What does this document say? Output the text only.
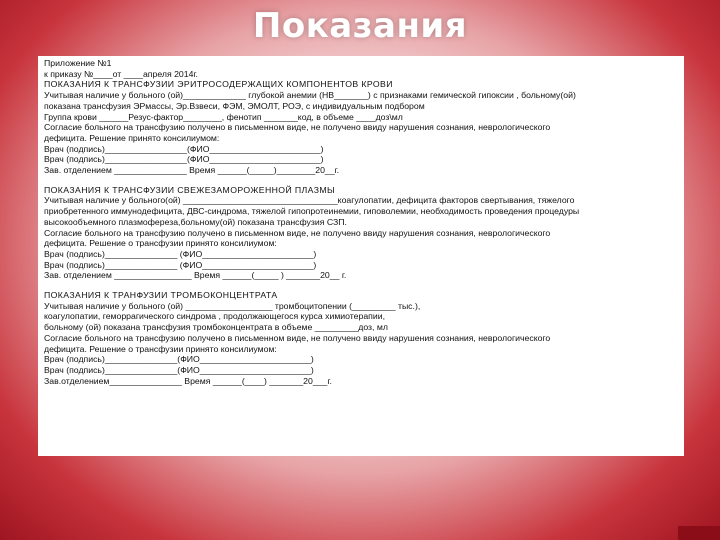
Показания

Приложение №1

к приказу №____от ____апреля 2014г.

ПОКАЗАНИЯ К ТРАНСФУЗИИ ЭРИТРОСОДЕРЖАЩИХ КОМПОНЕНТОВ КРОВИ

Учитывая наличие у больного (ой)_____________ глубокой анемии (НВ_______) с признаками гемической гипоксии , больному(ой)

показана трансфузия ЭРмассы, Эр.Взвеси, ФЭМ, ЭМОЛТ, РОЭ, с индивидуальным подбором

Группа крови ______Резус-фактор________, фенотип _______код, в объеме ____доз\мл

Согласие больного на трансфузию получено в письменном виде, не получено ввиду нарушения сознания, неврологического

дефицита. Решение принято консилиумом:

Врач (подпись)_________________(ФИО_______________________)

Врач (подпись)_________________(ФИО_______________________)

Зав. отделением _______________ Время ______(_____)________20__г.

ПОКАЗАНИЯ К ТРАНСФУЗИИ СВЕЖЕЗАМОРОЖЕННОЙ ПЛАЗМЫ

Учитывая наличие у больного(ой) ________________________________коагулопатии, дефицита факторов свертывания, тяжелого

приобретенного иммунодефицита, ДВС-синдрома, тяжелой гипопротеинемии, гиповолемии, необходимость проведения процедуры

высокообъемного плазмофереза,больному(ой) показана трансфузия СЗП.

Согласие больного на трансфузию получено в письменном виде, не получено ввиду нарушения сознания, неврологического

дефицита. Решение о трансфузии принято консилиумом:

Врач (подпись)_______________ (ФИО_______________________)

Врач (подпись)_______________ (ФИО_______________________)

Зав. отделением ________________ Время ______(_____ ) _______20__ г.

ПОКАЗАНИЯ К ТРАНФУЗИИ ТРОМБОКОНЦЕНТРАТА

Учитывая наличие у больного (ой) __________________ тромбоцитопении (_________ тыс.),

коагулопатии, геморрагического синдрома , продолжающегося курса химиотерапии,

больному (ой) показана трансфузия тромбоконцентрата в объеме _________доз, мл

Согласие больного на трансфузию получено в письменном виде, не получено ввиду нарушения сознания, неврологического

дефицита. Решение о трансфузии принято консилиумом:

Врач (подпись)_______________(ФИО_______________________)

Врач (подпись)_______________(ФИО_______________________)

Зав.отделением_______________ Время ______(____) _______20___г.
